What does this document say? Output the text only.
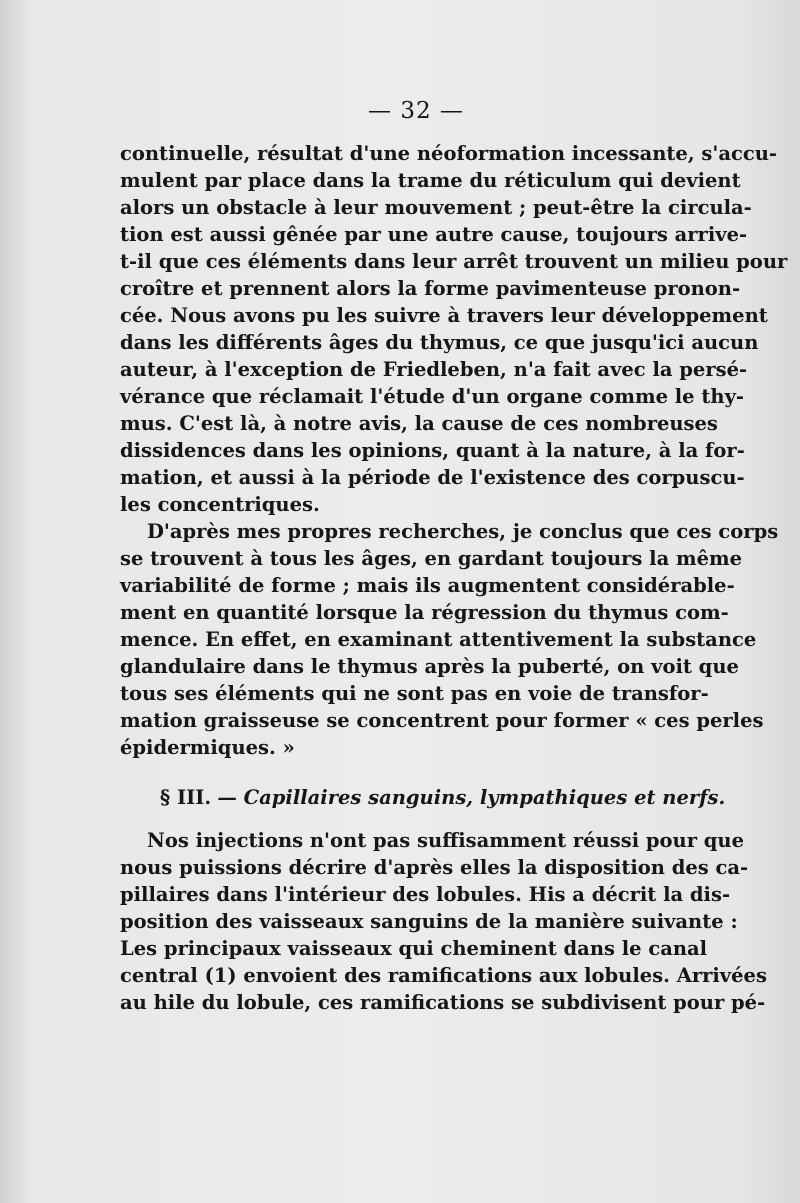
— 32 —
continuelle, résultat d'une néoformation incessante, s'accu-
mulent par place dans la trame du réticulum qui devient
alors un obstacle à leur mouvement ; peut-être la circula-
tion est aussi gênée par une autre cause, toujours arrive-
t-il que ces éléments dans leur arrêt trouvent un milieu pour
croître et prennent alors la forme pavimenteuse pronon-
cée. Nous avons pu les suivre à travers leur développement
dans les différents âges du thymus, ce que jusqu'ici aucun
auteur, à l'exception de Friedleben, n'a fait avec la persé-
vérance que réclamait l'étude d'un organe comme le thy-
mus. C'est là, à notre avis, la cause de ces nombreuses
dissidences dans les opinions, quant à la nature, à la for-
mation, et aussi à la période de l'existence des corpuscu-
les concentriques.
D'après mes propres recherches, je conclus que ces corps
se trouvent à tous les âges, en gardant toujours la même
variabilité de forme ; mais ils augmentent considérable-
ment en quantité lorsque la régression du thymus com-
mence. En effet, en examinant attentivement la substance
glandulaire dans le thymus après la puberté, on voit que
tous ses éléments qui ne sont pas en voie de transfor-
mation graisseuse se concentrent pour former « ces perles
épidermiques. »
§ III. — Capillaires sanguins, lympathiques et nerfs.
Nos injections n'ont pas suffisamment réussi pour que
nous puissions décrire d'après elles la disposition des ca-
pillaires dans l'intérieur des lobules. His a décrit la dis-
position des vaisseaux sanguins de la manière suivante :
Les principaux vaisseaux qui cheminent dans le canal
central (1) envoient des ramifications aux lobules. Arrivées
au hile du lobule, ces ramifications se subdivisent pour pé-
